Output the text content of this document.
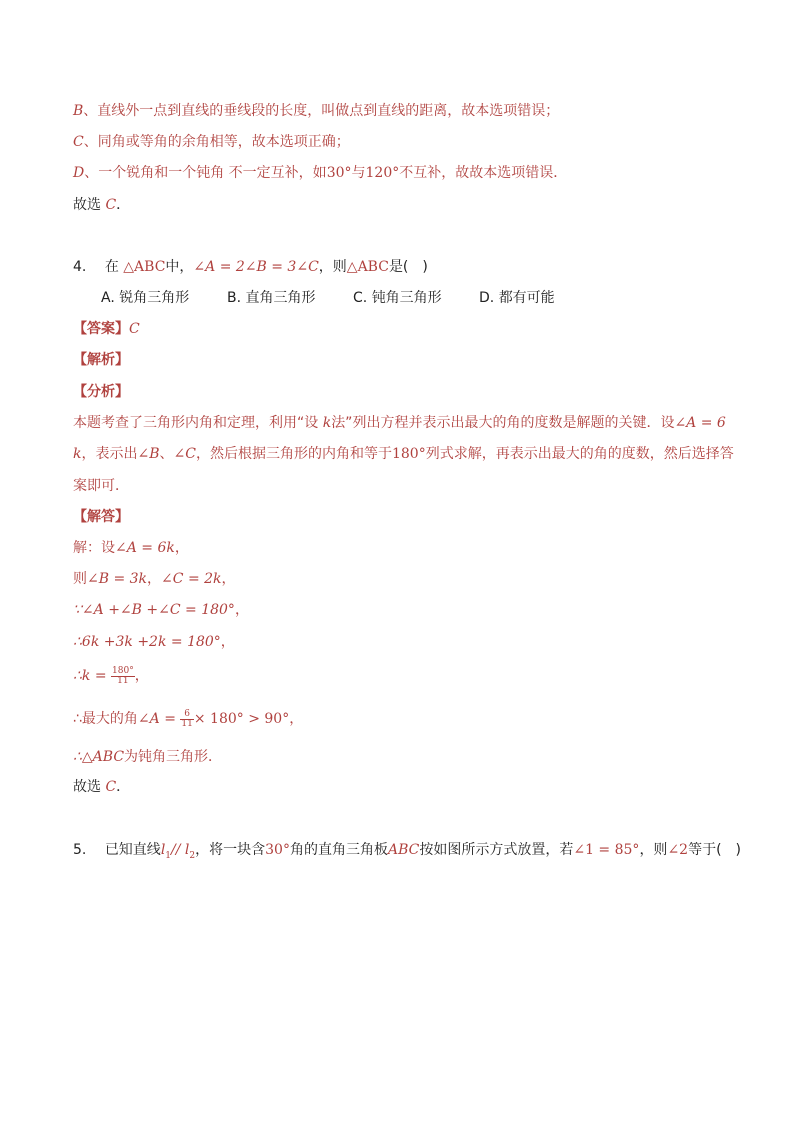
B、直线外一点到直线的垂线段的长度，叫做点到直线的距离，故本选项错误；
C、同角或等角的余角相等，故本选项正确；
D、一个锐角和一个钝角 不一定互补，如30°与120°不互补，故故本选项错误．
故选 C．
4. 在 △ABC中，∠A = 2∠B = 3∠C，则△ABC是(　)
A. 锐角三角形	B. 直角三角形	C. 钝角三角形	D. 都有可能
【答案】C
【解析】
【分析】
本题考查了三角形内角和定理，利用“设 k法”列出方程并表示出最大的角的度数是解题的关键．设∠A = 6
k，表示出∠B、∠C，然后根据三角形的内角和等于180°列式求解，再表示出最大的角的度数，然后选择答
案即可．
【解答】
解：设∠A = 6k，
则∠B = 3k，∠C = 2k，
∵∠A +∠B +∠C = 180°，
∴6k +3k +2k = 180°，
∴k = $\frac{180^\circ}{11}$ ，
∴最大的角∠A = $\frac{6}{11} \times 180^\circ > 90^\circ$，
∴△ABC为钝角三角形．
故选 C．
5. 已知直线$l_1//$ $l_2$，将一块含30°角的直角三角板ABC按如图所示方式放置，若∠1 = 85°，则∠2等于(　)
